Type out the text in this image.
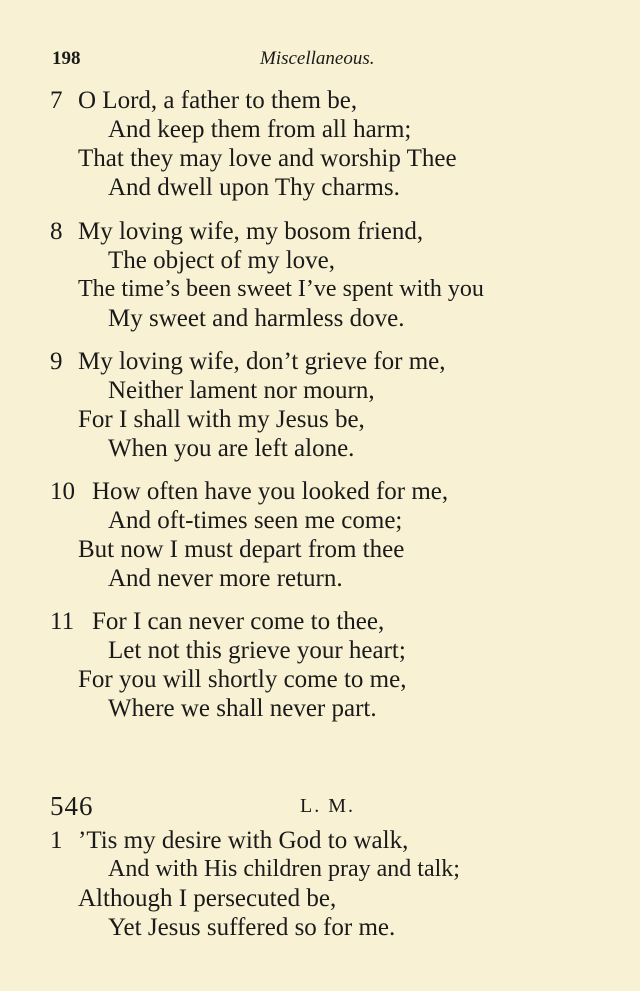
198	Miscellaneous.
7 O Lord, a father to them be,
And keep them from all harm;
That they may love and worship Thee
And dwell upon Thy charms.
8 My loving wife, my bosom friend,
The object of my love,
The time’s been sweet I’ve spent with you
My sweet and harmless dove.
9 My loving wife, don’t grieve for me,
Neither lament nor mourn,
For I shall with my Jesus be,
When you are left alone.
10 How often have you looked for me,
And oft-times seen me come;
But now I must depart from thee
And never more return.
11 For I can never come to thee,
Let not this grieve your heart;
For you will shortly come to me,
Where we shall never part.
546	L. M.
1 ’Tis my desire with God to walk,
And with His children pray and talk;
Although I persecuted be,
Yet Jesus suffered so for me.
